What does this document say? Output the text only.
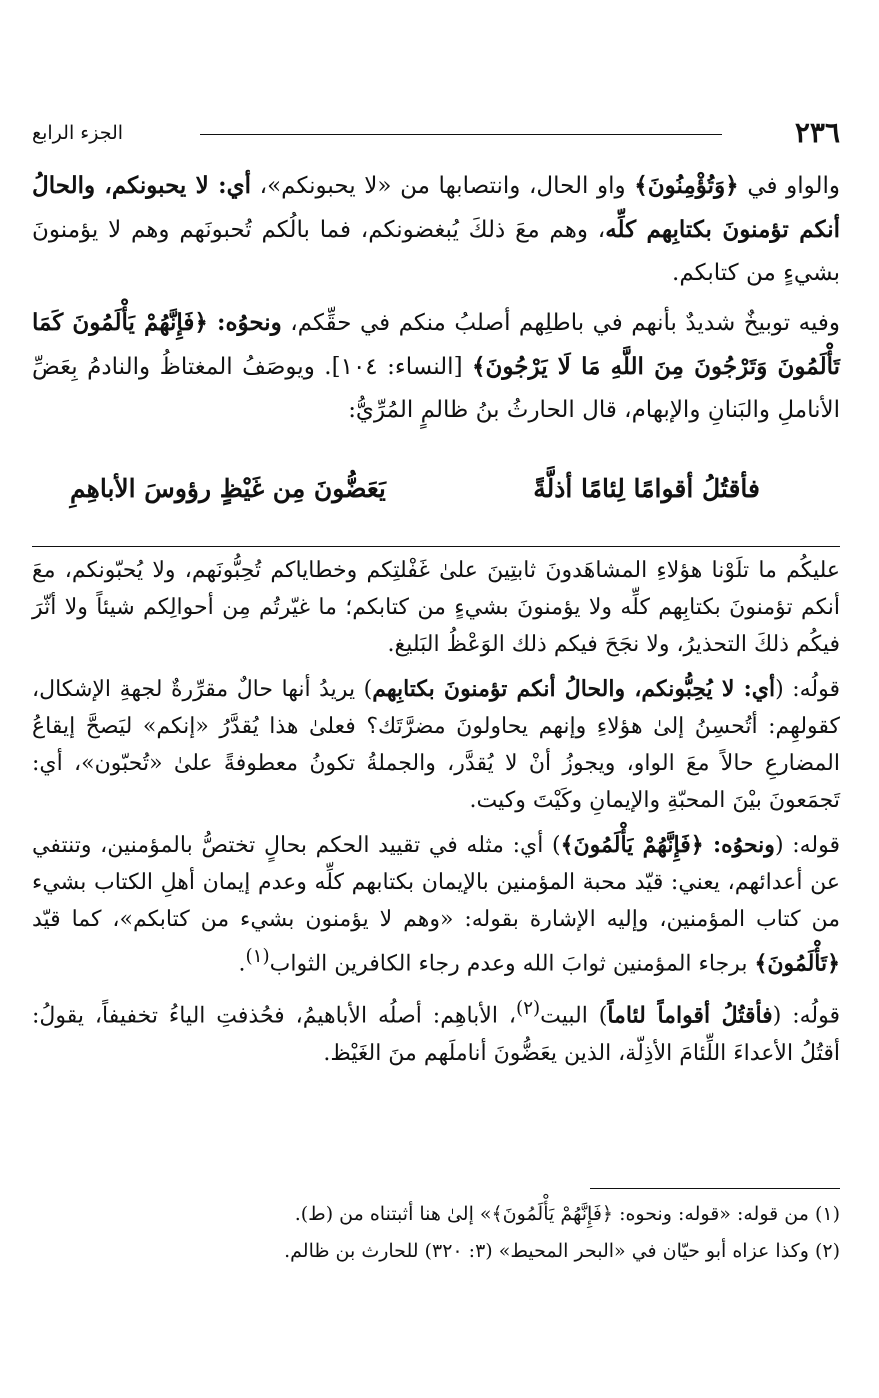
٢٣٦
الجزء الرابع

والواو في ﴿وَتُؤْمِنُونَ﴾ واو الحال، وانتصابها من «لا يحبونكم»، أي: لا يحبونكم، والحالُ أنكم تؤمنونَ بكتابِهم كلِّه، وهم معَ ذلكَ يُبغضونكم، فما بالُكم تُحبونَهم وهم لا يؤمنونَ بشيءٍ من كتابكم.

وفيه توبيخٌ شديدٌ بأنهم في باطلِهم أصلبُ منكم في حقِّكم، ونحوُه: ﴿فَإِنَّهُمْ يَأْلَمُونَ كَمَا تَأْلَمُونَ وَتَرْجُونَ مِنَ اللَّهِ مَا لَا يَرْجُونَ﴾ [النساء: ١٠٤]. ويوصَفُ المغتاظُ والنادمُ بِعَضِّ الأناملِ والبَنانِ والإبهام، قال الحارثُ بنُ ظالمٍ المُرِّيُّ:

فأقتُلُ أقوامًا لِئامًا أذلَّةً
يَعَضُّونَ مِن غَيْظٍ رؤوسَ الأباهِمِ

عليكُم ما تلَوْنا هؤلاءِ المشاهَدونَ ثابتِينَ علىٰ غَفْلتِكم وخطاياكم تُحِبُّونَهم، ولا يُحبّونكم، معَ أنكم تؤمنونَ بكتابِهم كلِّه ولا يؤمنونَ بشيءٍ من كتابكم؛ ما غيّرتُم مِن أحوالِكم شيئاً ولا أثّرَ فيكُم ذلكَ التحذيرُ، ولا نجَحَ فيكم ذلك الوَعْظُ البَليغ.

قولُه: (أي: لا يُحِبُّونكم، والحالُ أنكم تؤمنونَ بكتابِهم) يريدُ أنها حالٌ مقرِّرةٌ لجهةِ الإشكال، كقولهِم: أتُحسِنُ إلىٰ هؤلاءِ وإنهم يحاولونَ مضرَّتَك؟ فعلىٰ هذا يُقدَّرُ «إنكم» ليَصحَّ إيقاعُ المضارعِ حالاً معَ الواو، ويجوزُ أنْ لا يُقدَّر، والجملةُ تكونُ معطوفةً علىٰ «تُحبّون»، أي: تَجمَعونَ بيْنَ المحبّةِ والإيمانِ وكَيْتَ وكيت.

قوله: (ونحوُه: ﴿فَإِنَّهُمْ يَأْلَمُونَ﴾) أي: مثله في تقييد الحكم بحالٍ تختصُّ بالمؤمنين، وتنتفي عن أعدائهم، يعني: قيّد محبة المؤمنين بالإيمان بكتابهم كلِّه وعدم إيمان أهلِ الكتاب بشيء من كتاب المؤمنين، وإليه الإشارة بقوله: «وهم لا يؤمنون بشيء من كتابكم»، كما قيّد ﴿تَأْلَمُونَ﴾ برجاء المؤمنين ثوابَ الله وعدم رجاء الكافرين الثواب$^{(١)}$.

قولُه: (فأقتُلُ أقواماً لئاماً) البيت$^{(٢)}$، الأباهِم: أصلُه الأباهيمُ، فحُذفتِ الياءُ تخفيفاً، يقولُ: أقتُلُ الأعداءَ اللِّئامَ الأذِلّة، الذين يعَضُّونَ أناملَهم منَ الغَيْظ.

(١) من قوله: «قوله: ونحوه: ﴿فَإِنَّهُمْ يَأْلَمُونَ﴾» إلىٰ هنا أثبتناه من (ط).

(٢) وكذا عزاه أبو حيّان في «البحر المحيط» (٣: ٣٢٠) للحارث بن ظالم.
